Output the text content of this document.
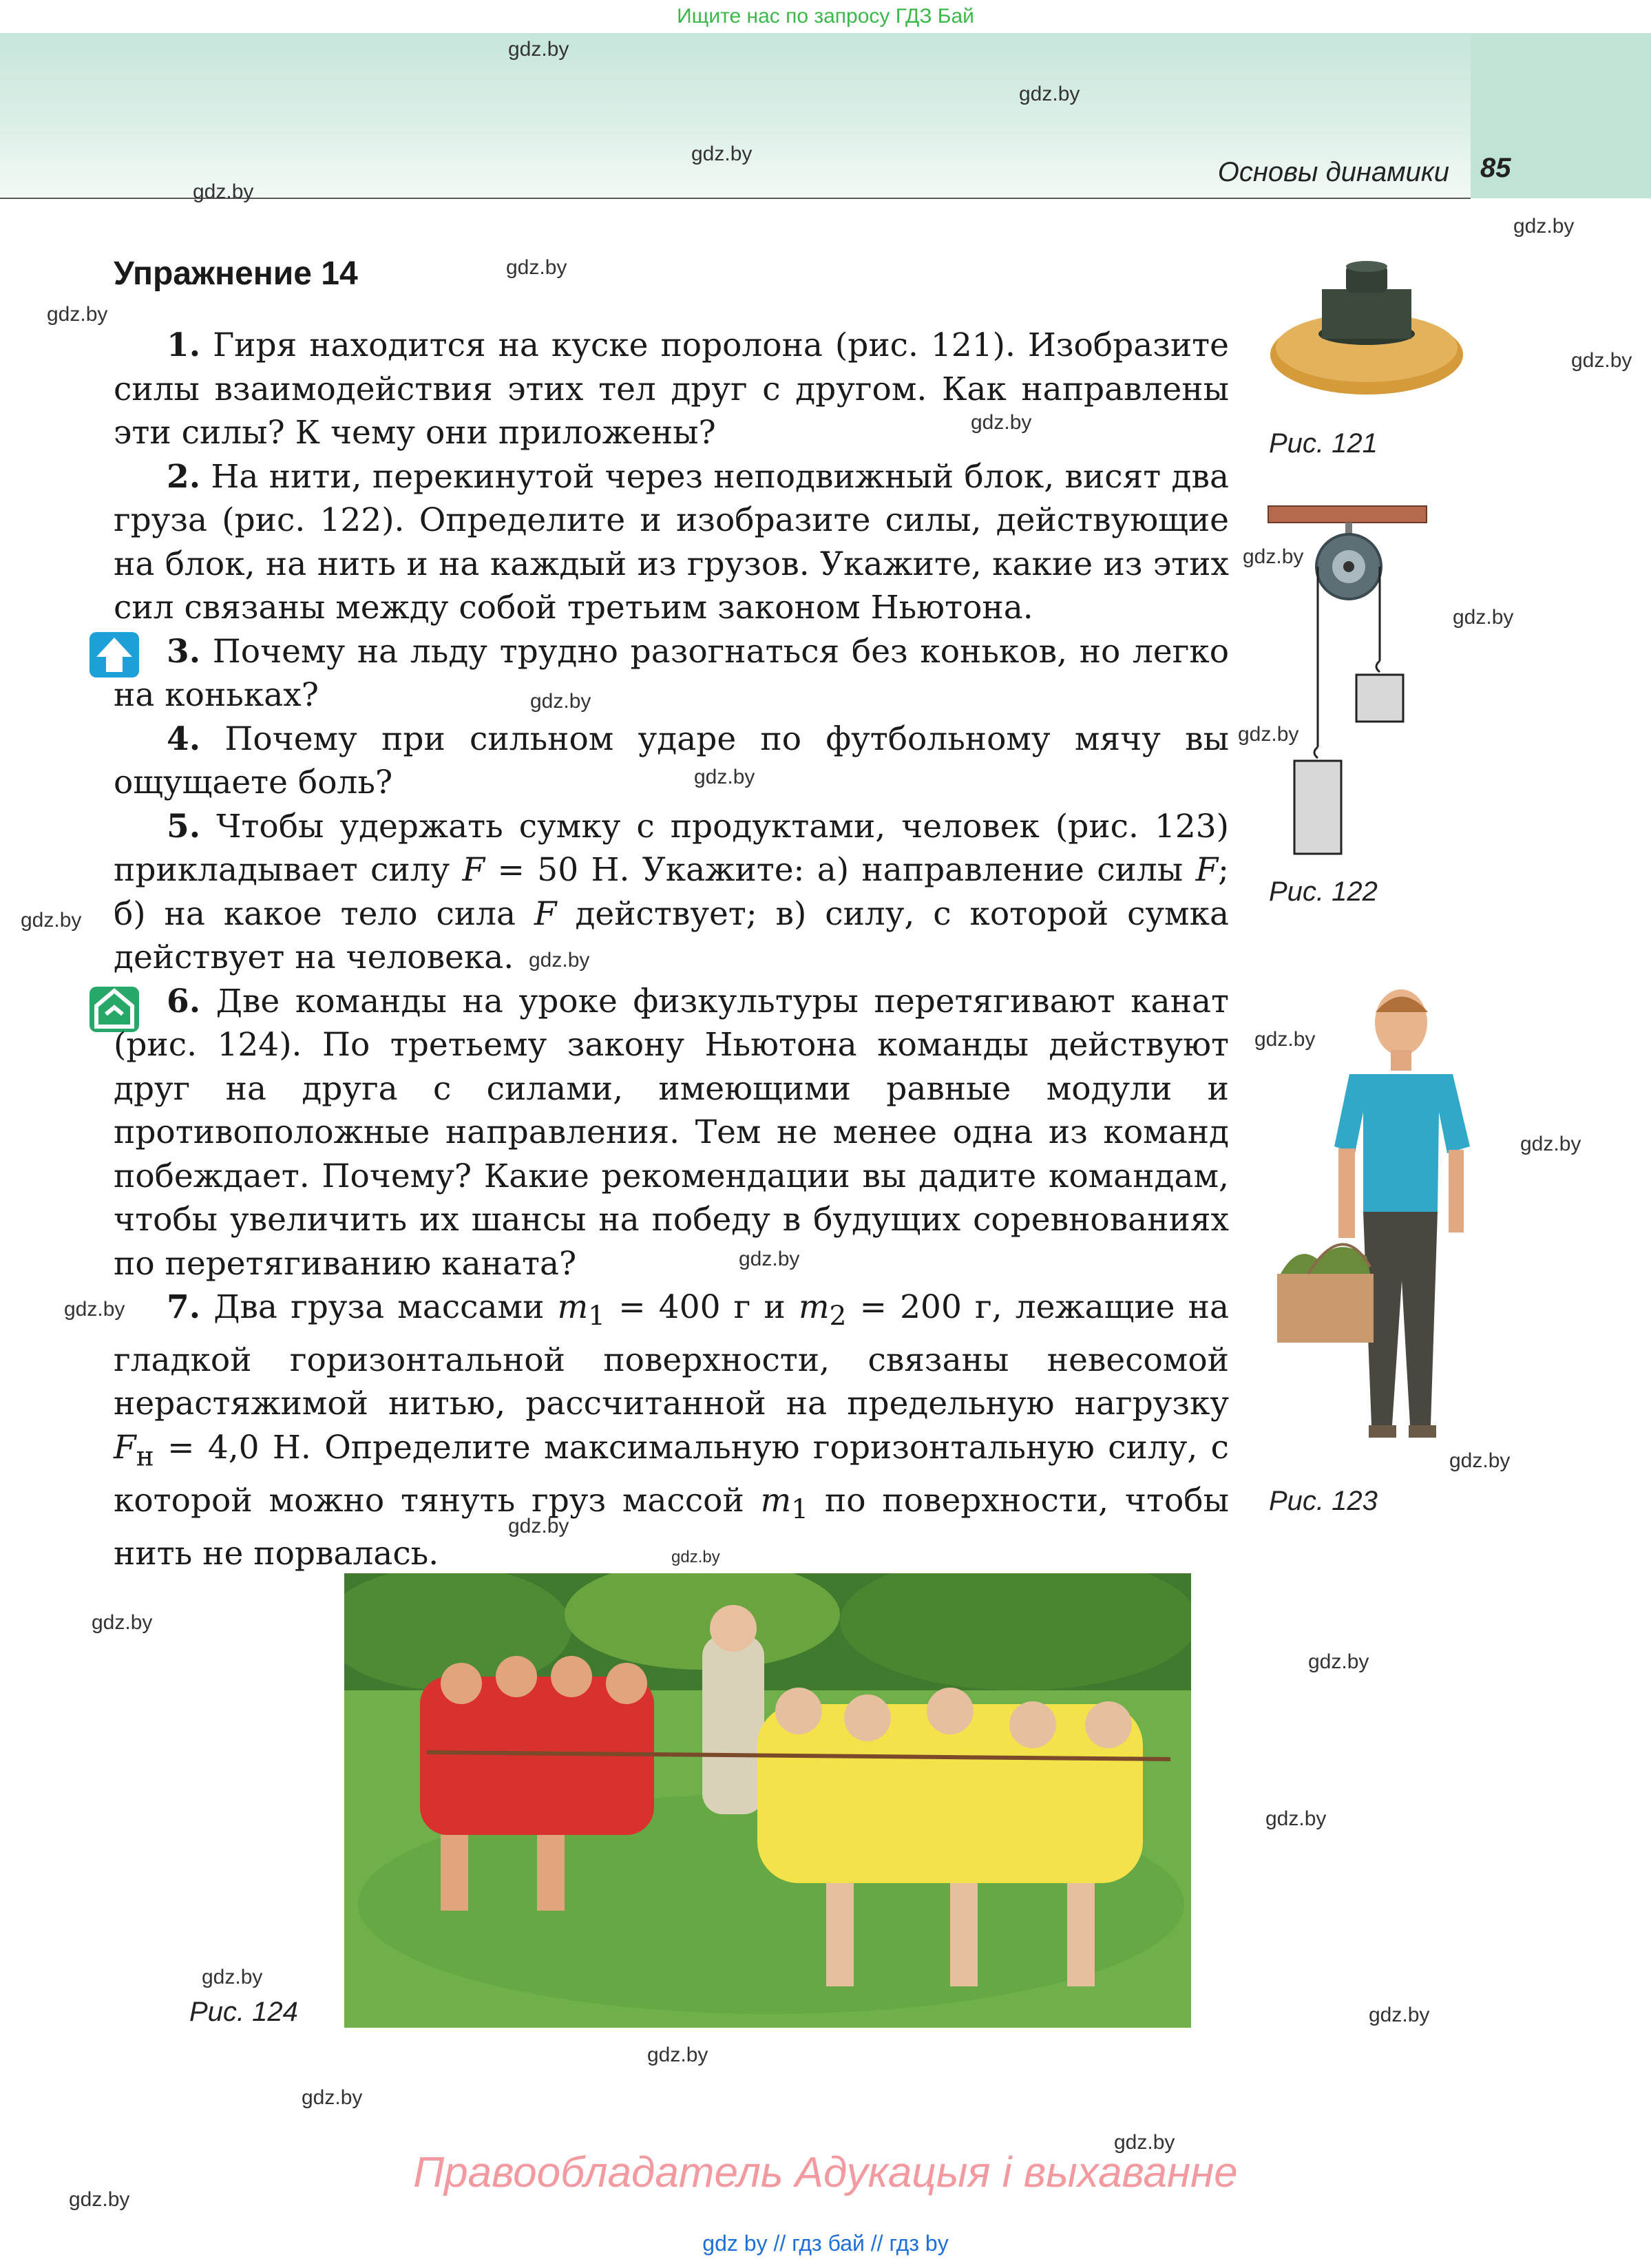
Ищите нас по запросу ГДЗ Бай
Основы динамики 85
gdz.by
gdz.by
gdz.by
gdz.by
gdz.by
gdz.by
gdz.by
gdz.by
gdz.by
gdz.by
gdz.by
gdz.by
gdz.by
gdz.by
gdz.by
gdz.by
gdz.by
gdz.by
gdz.by
gdz.by
gdz.by
gdz.by
gdz.by
gdz.by
gdz.by
gdz.by
gdz.by
gdz.by
gdz.by
gdz.by
gdz.by
gdz.by
Упражнение 14

1. Гиря находится на куске поролона (рис. 121). Изобразите силы взаимодействия этих тел друг с другом. Как направлены эти силы? К чему они приложены?

2. На нити, перекинутой через неподвижный блок, висят два груза (рис. 122). Определите и изобразите силы, действующие на блок, на нить и на каждый из грузов. Укажите, какие из этих сил связаны между собой третьим законом Ньютона.

3. Почему на льду трудно разогнаться без коньков, но легко на коньках?

4. Почему при сильном ударе по футбольному мячу вы ощущаете боль?

5. Чтобы удержать сумку с продуктами, человек (рис. 123) прикладывает силу F = 50 Н. Укажите: а) направление силы F; б) на какое тело сила F действует; в) силу, с которой сумка действует на человека.

6. Две команды на уроке физкультуры перетягивают канат (рис. 124). По третьему закону Ньютона команды действуют друг на друга с силами, имеющими равные модули и противоположные направления. Тем не менее одна из команд побеждает. Почему? Какие рекомендации вы дадите командам, чтобы увеличить их шансы на победу в будущих соревнованиях по перетягиванию каната?

7. Два груза массами $m_1 = 400$ г и $m_2 = 200$ г, лежащие на гладкой горизонтальной поверхности, связаны невесомой нерастяжимой нитью, рассчитанной на предельную нагрузку $F_н = 4,0$ Н. Определите максимальную горизонтальную силу, с которой можно тянуть груз массой $m_1$ по поверхности, чтобы нить не порвалась.

Рис. 121
Рис. 122
Рис. 123
Рис. 124
Правообладатель Адукацыя і выхаванне
gdz by // гдз бай // гдз by
